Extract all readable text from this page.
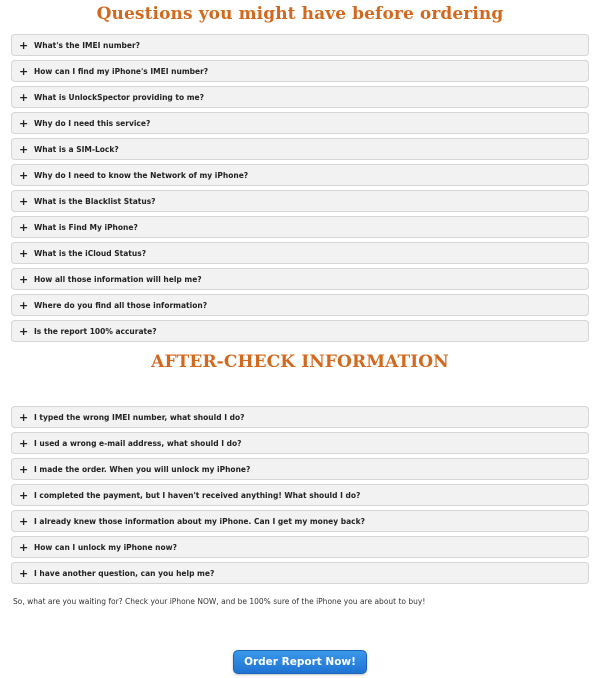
Questions you might have before ordering
+ What's the IMEI number?
+ How can I find my iPhone's IMEI number?
+ What is UnlockSpector providing to me?
+ Why do I need this service?
+ What is a SIM-Lock?
+ Why do I need to know the Network of my iPhone?
+ What is the Blacklist Status?
+ What is Find My iPhone?
+ What is the iCloud Status?
+ How all those information will help me?
+ Where do you find all those information?
+ Is the report 100% accurate?
AFTER-CHECK INFORMATION
+ I typed the wrong IMEI number, what should I do?
+ I used a wrong e-mail address, what should I do?
+ I made the order. When you will unlock my iPhone?
+ I completed the payment, but I haven't received anything! What should I do?
+ I already knew those information about my iPhone. Can I get my money back?
+ How can I unlock my iPhone now?
+ I have another question, can you help me?

So, what are you waiting for? Check your iPhone NOW, and be 100% sure of the iPhone you are about to buy!

Order Report Now!
